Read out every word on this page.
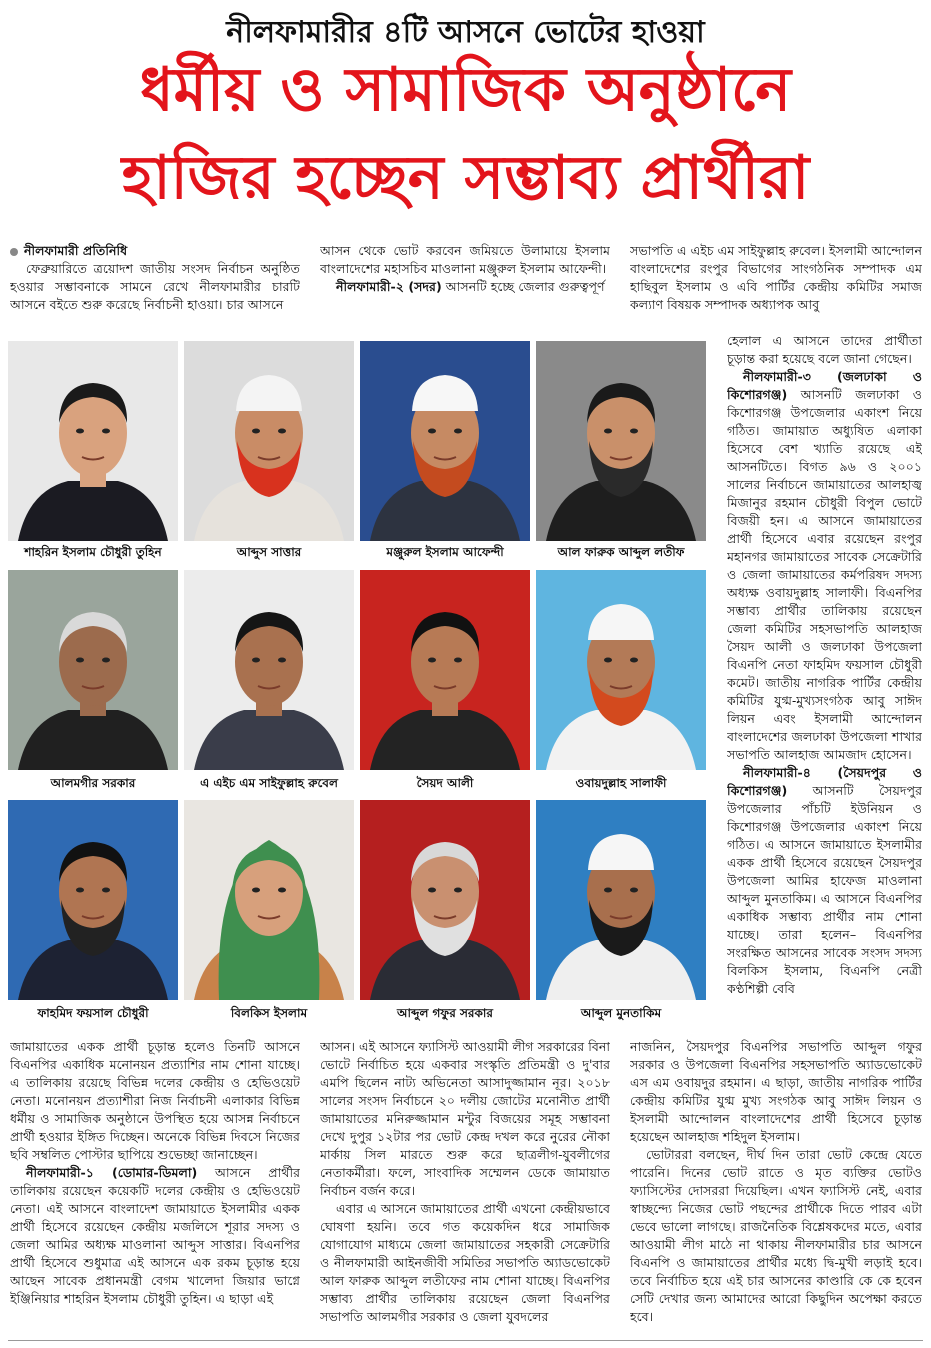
নীলফামারীর ৪টি আসনে ভোটের হাওয়া
ধর্মীয় ও সামাজিক অনুষ্ঠানে
হাজির হচ্ছেন সম্ভাব্য প্রার্থীরা
নীলফামারী প্রতিনিধি

ফেব্রুয়ারিতে ত্রয়োদশ জাতীয় সংসদ নির্বাচন অনুষ্ঠিত হওয়ার সম্ভাবনাকে সামনে রেখে নীলফামারীর চারটি আসনে বইতে শুরু করেছে নির্বাচনী হাওয়া। চার আসনে

আসন থেকে ভোট করবেন জমিয়তে উলামায়ে ইসলাম বাংলাদেশের মহাসচিব মাওলানা মঞ্জুরুল ইসলাম আফেন্দী।

নীলফামারী-২ (সদর) আসনটি হচ্ছে জেলার গুরুত্বপূর্ণ

সভাপতি এ এইচ এম সাইফুল্লাহ রুবেল। ইসলামী আন্দোলন বাংলাদেশের রংপুর বিভাগের সাংগঠনিক সম্পাদক এম হাছিবুল ইসলাম ও এবি পার্টির কেন্দ্রীয় কমিটির সমাজ কল্যাণ বিষয়ক সম্পাদক অধ্যাপক আবু

হেলাল এ আসনে তাদের প্রার্থীতা চূড়ান্ত করা হয়েছে বলে জানা গেছেন।

নীলফামারী-৩ (জলঢাকা ও কিশোরগঞ্জ) আসনটি জলঢাকা ও কিশোরগঞ্জ উপজেলার একাংশ নিয়ে গঠিত। জামায়াত অধ্যুষিত এলাকা হিসেবে বেশ খ্যাতি রয়েছে এই আসনটিতে। বিগত ৯৬ ও ২০০১ সালের নির্বাচনে জামায়াতের আলহাজ্ব মিজানুর রহমান চৌধুরী বিপুল ভোটে বিজয়ী হন। এ আসনে জামায়াতের প্রার্থী হিসেবে এবার রয়েছেন রংপুর মহানগর জামায়াতের সাবেক সেক্রেটারি ও জেলা জামায়াতের কর্মপরিষদ সদস্য অধ্যক্ষ ওবায়দুল্লাহ সালাফী। বিএনপির সম্ভাব্য প্রার্থীর তালিকায় রয়েছেন জেলা কমিটির সহসভাপতি আলহাজ সৈয়দ আলী ও জলঢাকা উপজেলা বিএনপি নেতা ফাহমিদ ফয়সাল চৌধুরী কমেট। জাতীয় নাগরিক পার্টির কেন্দ্রীয় কমিটির যুগ্ম-মুখ্যসংগঠক আবু সাঈদ লিয়ন এবং ইসলামী আন্দোলন বাংলাদেশের জলঢাকা উপজেলা শাখার সভাপতি আলহাজ আমজাদ হোসেন।

নীলফামারী-৪ (সৈয়দপুর ও কিশোরগঞ্জ) আসনটি সৈয়দপুর উপজেলার পাঁচটি ইউনিয়ন ও কিশোরগঞ্জ উপজেলার একাংশ নিয়ে গঠিত। এ আসনে জামায়াতে ইসলামীর একক প্রার্থী হিসেবে রয়েছেন সৈয়দপুর উপজেলা আমির হাফেজ মাওলানা আব্দুল মুনতাকিম। এ আসনে বিএনপির একাধিক সম্ভাব্য প্রার্থীর নাম শোনা যাচ্ছে। তারা হলেন– বিএনপির সংরক্ষিত আসনের সাবেক সংসদ সদস্য বিলকিস ইসলাম, বিএনপি নেত্রী কণ্ঠশিল্পী বেবি

শাহরিন ইসলাম চৌধুরী তুহিন	আব্দুস সাত্তার	মঞ্জুরুল ইসলাম আফেন্দী	আল ফারুক আব্দুল লতীফ
আলমগীর সরকার	এ এইচ এম সাইফুল্লাহ রুবেল	সৈয়দ আলী	ওবায়দুল্লাহ সালাফী
ফাহমিদ ফয়সাল চৌধুরী	বিলকিস ইসলাম	আব্দুল গফুর সরকার	আব্দুল মুনতাকিম

জামায়াতের একক প্রার্থী চূড়ান্ত হলেও তিনটি আসনে বিএনপির একাধিক মনোনয়ন প্রত্যাশির নাম শোনা যাচ্ছে। এ তালিকায় রয়েছে বিভিন্ন দলের কেন্দ্রীয় ও হেভিওয়েট নেতা। মনোনয়ন প্রত্যাশীরা নিজ নির্বাচনী এলাকার বিভিন্ন ধর্মীয় ও সামাজিক অনুষ্ঠানে উপস্থিত হয়ে আসন্ন নির্বাচনে প্রার্থী হওয়ার ইঙ্গিত দিচ্ছেন। অনেকে বিভিন্ন দিবসে নিজের ছবি সম্বলিত পোস্টার ছাপিয়ে শুভেচ্ছা জানাচ্ছেন।

নীলফামারী-১ (ডোমার-ডিমলা) আসনে প্রার্থীর তালিকায় রয়েছেন কয়েকটি দলের কেন্দ্রীয় ও হেভিওয়েট নেতা। এই আসনে বাংলাদেশ জামায়াতে ইসলামীর একক প্রার্থী হিসেবে রয়েছেন কেন্দ্রীয় মজলিসে শূরার সদস্য ও জেলা আমির অধ্যক্ষ মাওলানা আব্দুস সাত্তার। বিএনপির প্রার্থী হিসেবে শুধুমাত্র এই আসনে এক রকম চূড়ান্ত হয়ে আছেন সাবেক প্রধানমন্ত্রী বেগম খালেদা জিয়ার ভাগ্নে ইঞ্জিনিয়ার শাহরিন ইসলাম চৌধুরী তুহিন। এ ছাড়া এই

আসন। এই আসনে ফ্যাসিস্ট আওয়ামী লীগ সরকারের বিনা ভোটে নির্বাচিত হয়ে একবার সংস্কৃতি প্রতিমন্ত্রী ও দু'বার এমপি ছিলেন নাট্য অভিনেতা আসাদুজ্জামান নূর। ২০১৮ সালের সংসদ নির্বাচনে ২০ দলীয় জোটের মনোনীত প্রার্থী জামায়াতের মনিরুজ্জামান মন্টুর বিজয়ের সমূহ সম্ভাবনা দেখে দুপুর ১২টার পর ভোট কেন্দ্র দখল করে নুরের নৌকা মার্কায় সিল মারতে শুরু করে ছাত্রলীগ-যুবলীগের নেতাকর্মীরা। ফলে, সাংবাদিক সম্মেলন ডেকে জামায়াত নির্বাচন বর্জন করে।

এবার এ আসনে জামায়াতের প্রার্থী এখনো কেন্দ্রীয়ভাবে ঘোষণা হয়নি। তবে গত কয়েকদিন ধরে সামাজিক যোগাযোগ মাধ্যমে জেলা জামায়াতের সহকারী সেক্রেটারি ও নীলফামারী আইনজীবী সমিতির সভাপতি অ্যাডভোকেট আল ফারুক আব্দুল লতীফের নাম শোনা যাচ্ছে। বিএনপির সম্ভাব্য প্রার্থীর তালিকায় রয়েছেন জেলা বিএনপির সভাপতি আলমগীর সরকার ও জেলা যুবদলের

নাজনিন, সৈয়দপুর বিএনপির সভাপতি আব্দুল গফুর সরকার ও উপজেলা বিএনপির সহসভাপতি অ্যাডভোকেট এস এম ওবায়দুর রহমান। এ ছাড়া, জাতীয় নাগরিক পার্টির কেন্দ্রীয় কমিটির যুগ্ম মুখ্য সংগঠক আবু সাঈদ লিয়ন ও ইসলামী আন্দোলন বাংলাদেশের প্রার্থী হিসেবে চূড়ান্ত হয়েছেন আলহাজ শহিদুল ইসলাম।

ভোটাররা বলছেন, দীর্ঘ দিন তারা ভোট কেন্দ্রে যেতে পারেনি। দিনের ভোট রাতে ও মৃত ব্যক্তির ভোটও ফ্যাসিস্টের দোসররা দিয়েছিল। এখন ফ্যাসিস্ট নেই, এবার স্বাচ্ছন্দ্যে নিজের ভোট পছন্দের প্রার্থীকে দিতে পারব এটা ভেবে ভালো লাগছে। রাজনৈতিক বিশ্লেষকদের মতে, এবার আওয়ামী লীগ মাঠে না থাকায় নীলফামারীর চার আসনে বিএনপি ও জামায়াতের প্রার্থীর মধ্যে দ্বি-মুখী লড়াই হবে। তবে নির্বাচিত হয়ে এই চার আসনের কাণ্ডারি কে কে হবেন সেটি দেখার জন্য আমাদের আরো কিছুদিন অপেক্ষা করতে হবে।
